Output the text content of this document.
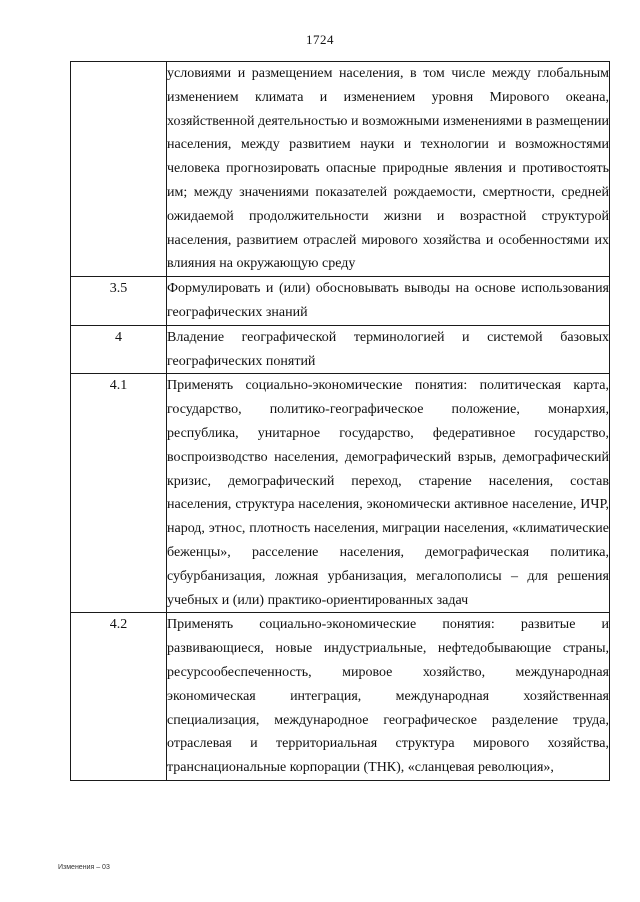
1724

	условиями и размещением населения, в том числе между глобальным изменением климата и изменением уровня Мирового океана, хозяйственной деятельностью и возможными изменениями в размещении населения, между развитием науки и технологии и возможностями человека прогнозировать опасные природные явления и противостоять им; между значениями показателей рождаемости, смертности, средней ожидаемой продолжительности жизни и возрастной структурой населения, развитием отраслей мирового хозяйства и особенностями их влияния на окружающую среду

3.5	Формулировать и (или) обосновывать выводы на основе использования географических знаний

4	Владение географической терминологией и системой базовых географических понятий

4.1	Применять социально-экономические понятия: политическая карта, государство, политико-географическое положение, монархия, республика, унитарное государство, федеративное государство, воспроизводство населения, демографический взрыв, демографический кризис, демографический переход, старение населения, состав населения, структура населения, экономически активное население, ИЧР, народ, этнос, плотность населения, миграции населения, «климатические беженцы», расселение населения, демографическая политика, субурбанизация, ложная урбанизация, мегалополисы – для решения учебных и (или) практико-ориентированных задач

4.2	Применять социально-экономические понятия: развитые и развивающиеся, новые индустриальные, нефтедобывающие страны, ресурсообеспеченность, мировое хозяйство, международная экономическая интеграция, международная хозяйственная специализация, международное географическое разделение труда, отраслевая и территориальная структура мирового хозяйства, транснациональные корпорации (ТНК), «сланцевая революция»,
Изменения – 03
